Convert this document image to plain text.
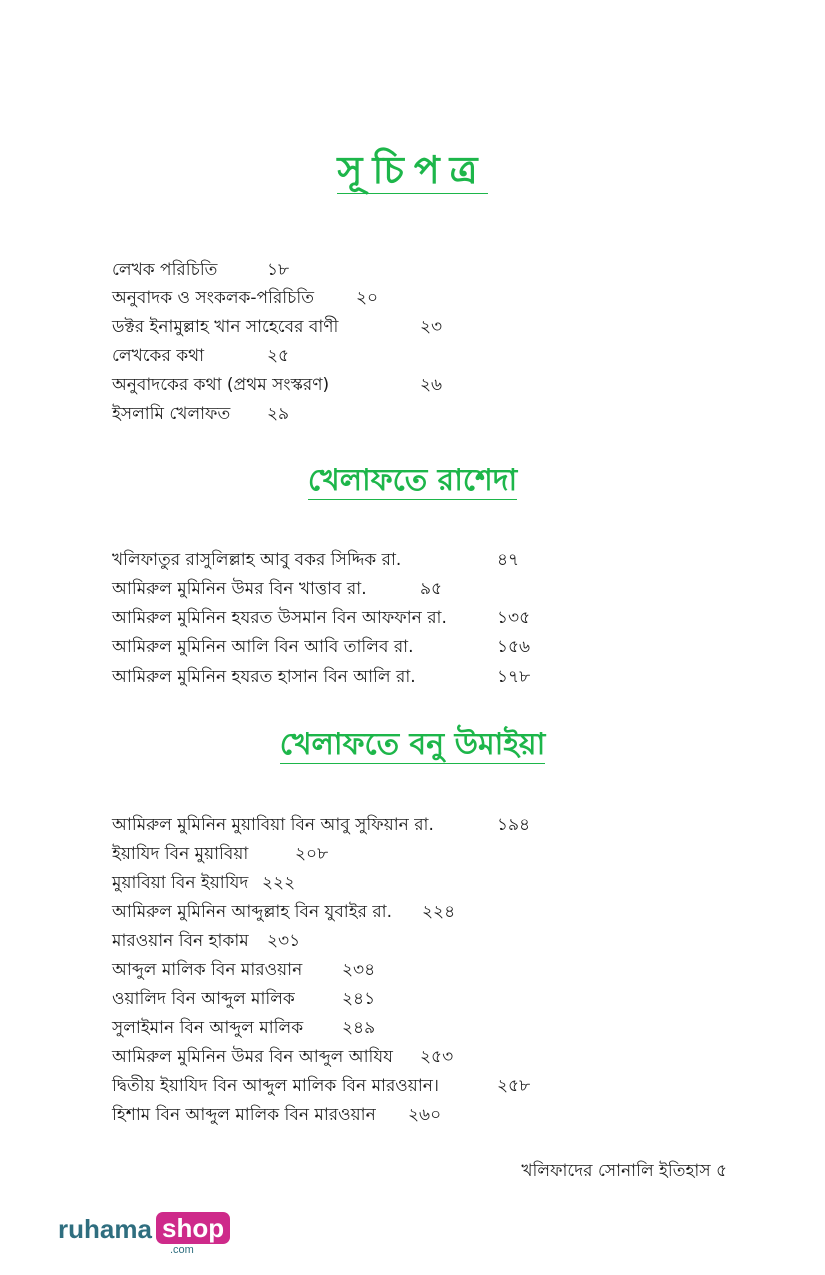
সূচিপত্র
লেখক পরিচিতি	১৮
অনুবাদক ও সংকলক-পরিচিতি ২০
ডক্টর ইনামুল্লাহ খান সাহেবের বাণী	২৩
লেখকের কথা	২৫
অনুবাদকের কথা (প্রথম সংস্করণ)	২৬
ইসলামি খেলাফত ২৯
খেলাফতে রাশেদা
খলিফাতুর রাসুলিল্লাহ আবু বকর সিদ্দিক রা.	৪৭
আমিরুল মুমিনিন উমর বিন খাত্তাব রা.	৯৫
আমিরুল মুমিনিন হযরত উসমান বিন আফফান রা.	১৩৫
আমিরুল মুমিনিন আলি বিন আবি তালিব রা.	১৫৬
আমিরুল মুমিনিন হযরত হাসান বিন আলি রা.	১৭৮
খেলাফতে বনু উমাইয়া
আমিরুল মুমিনিন মুয়াবিয়া বিন আবু সুফিয়ান রা.	১৯৪
ইয়াযিদ বিন মুয়াবিয়া	২০৮
মুয়াবিয়া বিন ইয়াযিদ ২২২
আমিরুল মুমিনিন আব্দুল্লাহ বিন যুবাইর রা. ২২৪
মারওয়ান বিন হাকাম ২৩১
আব্দুল মালিক বিন মারওয়ান ২৩৪
ওয়ালিদ বিন আব্দুল মালিক	২৪১
সুলাইমান বিন আব্দুল মালিক ২৪৯
আমিরুল মুমিনিন উমর বিন আব্দুল আযিয ২৫৩
দ্বিতীয় ইয়াযিদ বিন আব্দুল মালিক বিন মারওয়ান।	২৫৮
হিশাম বিন আব্দুল মালিক বিন মারওয়ান ২৬০
খলিফাদের সোনালি ইতিহাস ৫
ruhama shop
.com
